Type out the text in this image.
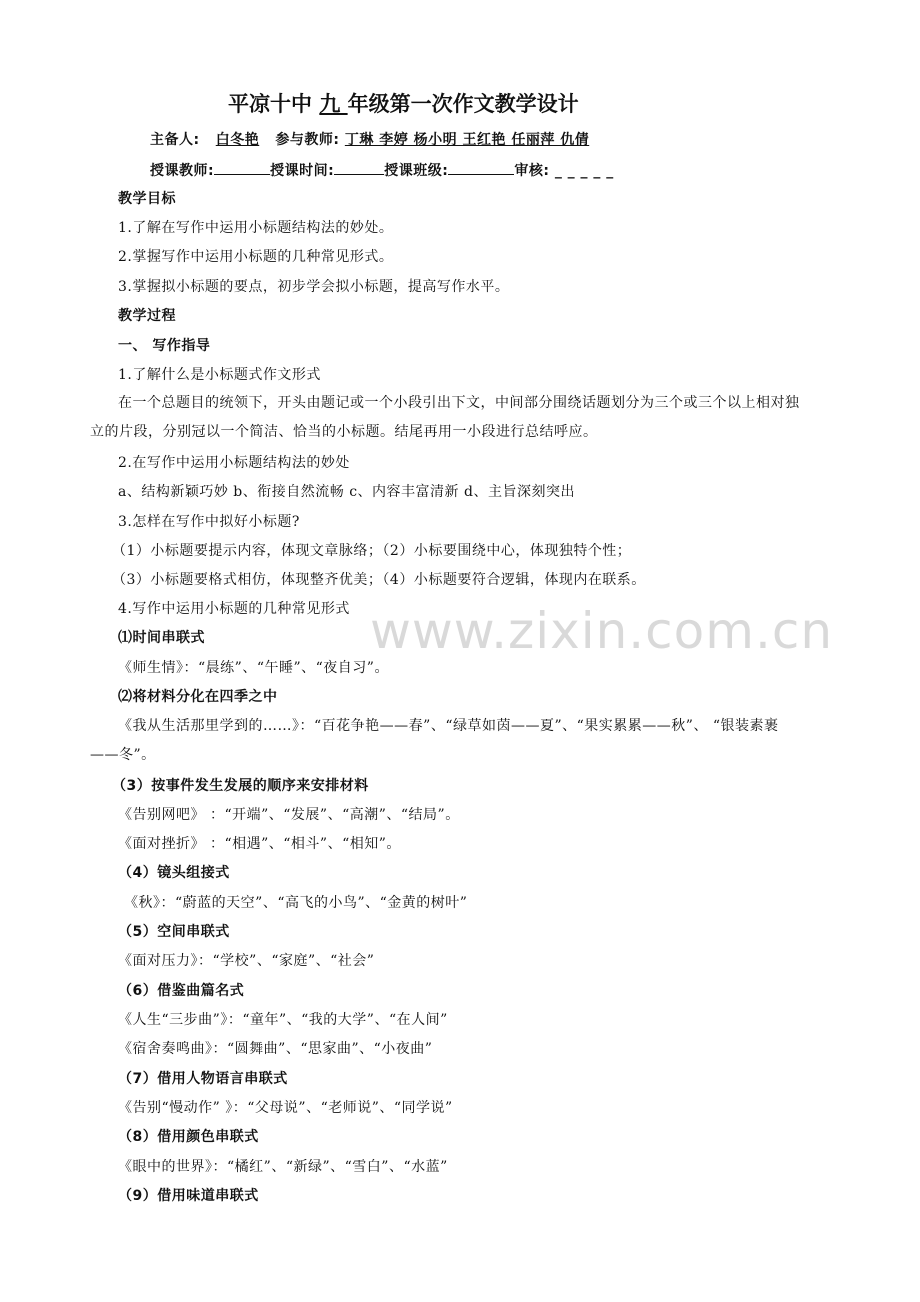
平凉十中 九 年级第一次作文教学设计
主备人: 白冬艳 参与教师: 丁琳 李婷 杨小明 王红艳 任丽萍 仇倩
授课教师:	授课时间:	授课班级:	审核: _ _ _ _ _
教学目标
1.了解在写作中运用小标题结构法的妙处。
2.掌握写作中运用小标题的几种常见形式。
3.掌握拟小标题的要点，初步学会拟小标题，提高写作水平。
教学过程
一、 写作指导
1.了解什么是小标题式作文形式
在一个总题目的统领下，开头由题记或一个小段引出下文，中间部分围绕话题划分为三个或三个以上相对独立的片段，分别冠以一个简洁、恰当的小标题。结尾再用一小段进行总结呼应。
2.在写作中运用小标题结构法的妙处
a、结构新颖巧妙 b、衔接自然流畅 c、内容丰富清新 d、主旨深刻突出
3.怎样在写作中拟好小标题?
（1）小标题要提示内容，体现文章脉络；（2）小标要围绕中心，体现独特个性；
（3）小标题要格式相仿，体现整齐优美；（4）小标题要符合逻辑，体现内在联系。
4.写作中运用小标题的几种常见形式 www.zixin.com.cn
⑴时间串联式
《师生情》：“晨练”、“午睡”、“夜自习”。
⑵将材料分化在四季之中
《我从生活那里学到的……》：“百花争艳——春”、“绿草如茵——夏”、“果实累累——秋”、 “银装素裹——冬”。
（3）按事件发生发展的顺序来安排材料
《告别网吧》 ：“开端”、“发展”、“高潮”、“结局”。
《面对挫折》 ：“相遇”、“相斗”、“相知”。
（4）镜头组接式
《秋》：“蔚蓝的天空”、“高飞的小鸟”、“金黄的树叶”
（5）空间串联式
《面对压力》：“学校”、“家庭”、“社会”
（6）借鉴曲篇名式
《人生“三步曲”》：“童年”、“我的大学”、“在人间”
《宿舍奏鸣曲》：“圆舞曲”、“思家曲”、“小夜曲”
（7）借用人物语言串联式
《告别“慢动作” 》：“父母说”、“老师说”、“同学说”
（8）借用颜色串联式
《眼中的世界》：“橘红”、“新绿”、“雪白”、“水蓝”
（9）借用味道串联式
